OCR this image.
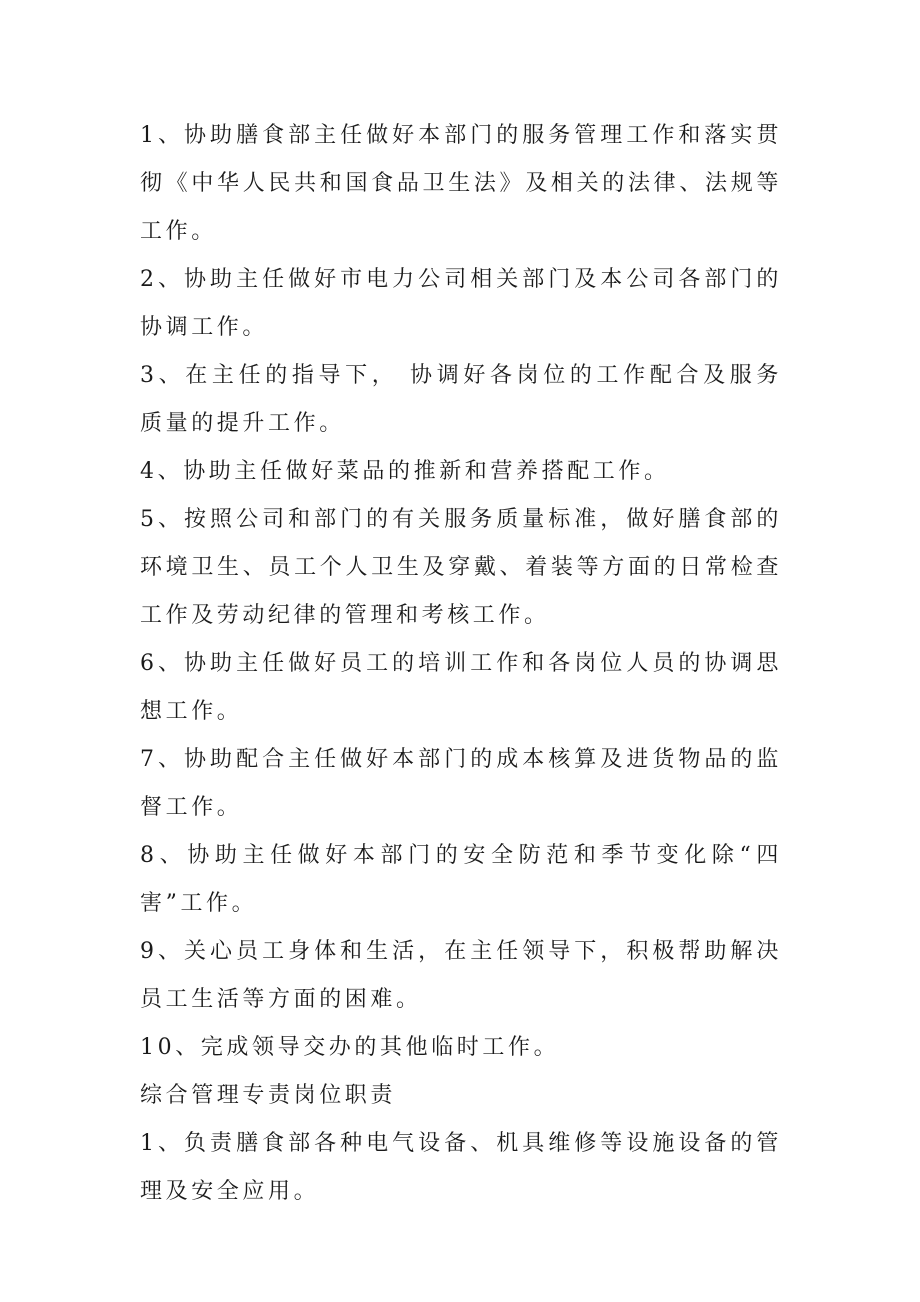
1、协助膳食部主任做好本部门的服务管理工作和落实贯彻《中华人民共和国食品卫生法》及相关的法律、法规等工作。

2、协助主任做好市电力公司相关部门及本公司各部门的协调工作。

3、在主任的指导下， 协调好各岗位的工作配合及服务质量的提升工作。

4、协助主任做好菜品的推新和营养搭配工作。

5、按照公司和部门的有关服务质量标准，做好膳食部的环境卫生、员工个人卫生及穿戴、着装等方面的日常检查工作及劳动纪律的管理和考核工作。

6、协助主任做好员工的培训工作和各岗位人员的协调思想工作。

7、协助配合主任做好本部门的成本核算及进货物品的监督工作。

8、协助主任做好本部门的安全防范和季节变化除“四害”工作。

9、关心员工身体和生活，在主任领导下，积极帮助解决员工生活等方面的困难。

10、完成领导交办的其他临时工作。

综合管理专责岗位职责

1、负责膳食部各种电气设备、机具维修等设施设备的管理及安全应用。
